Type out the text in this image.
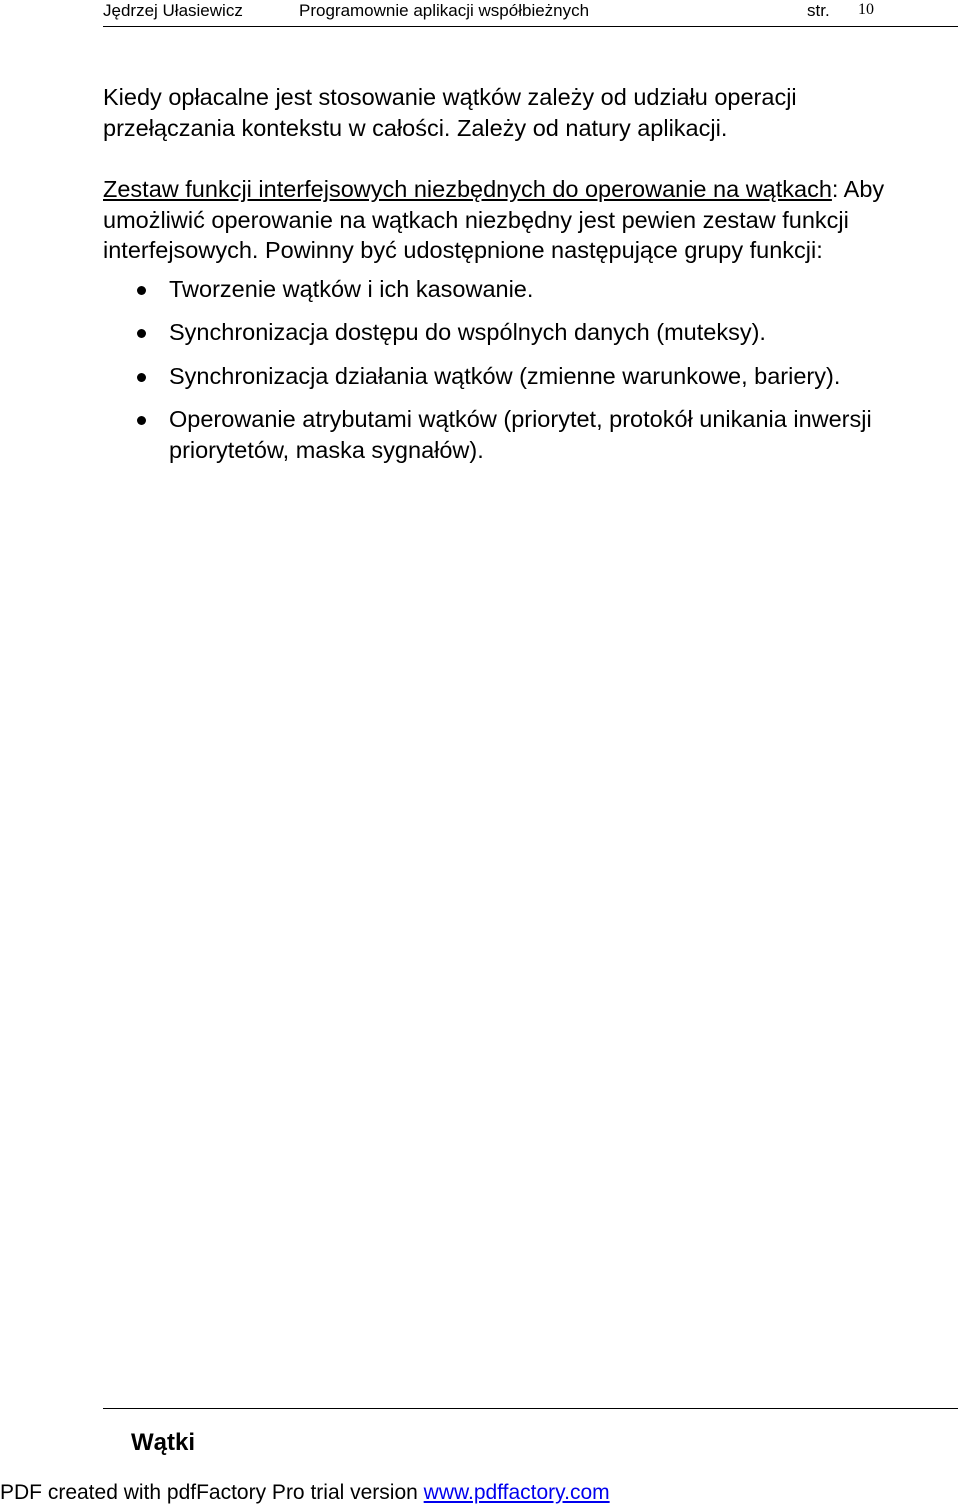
Jędrzej Ułasiewicz	Programownie aplikacji współbieżnych	str. 10

Kiedy opłacalne jest stosowanie wątków zależy od udziału operacji przełączania kontekstu w całości. Zależy od natury aplikacji.

Zestaw funkcji interfejsowych niezbędnych do operowanie na wątkach: Aby umożliwić operowanie na wątkach niezbędny jest pewien zestaw funkcji interfejsowych. Powinny być udostępnione następujące grupy funkcji:

Tworzenie wątków i ich kasowanie.
Synchronizacja dostępu do wspólnych danych (muteksy).
Synchronizacja działania wątków (zmienne warunkowe, bariery).
Operowanie atrybutami wątków (priorytet, protokół unikania inwersji priorytetów, maska sygnałów).
Wątki
PDF created with pdfFactory Pro trial version www.pdffactory.com
